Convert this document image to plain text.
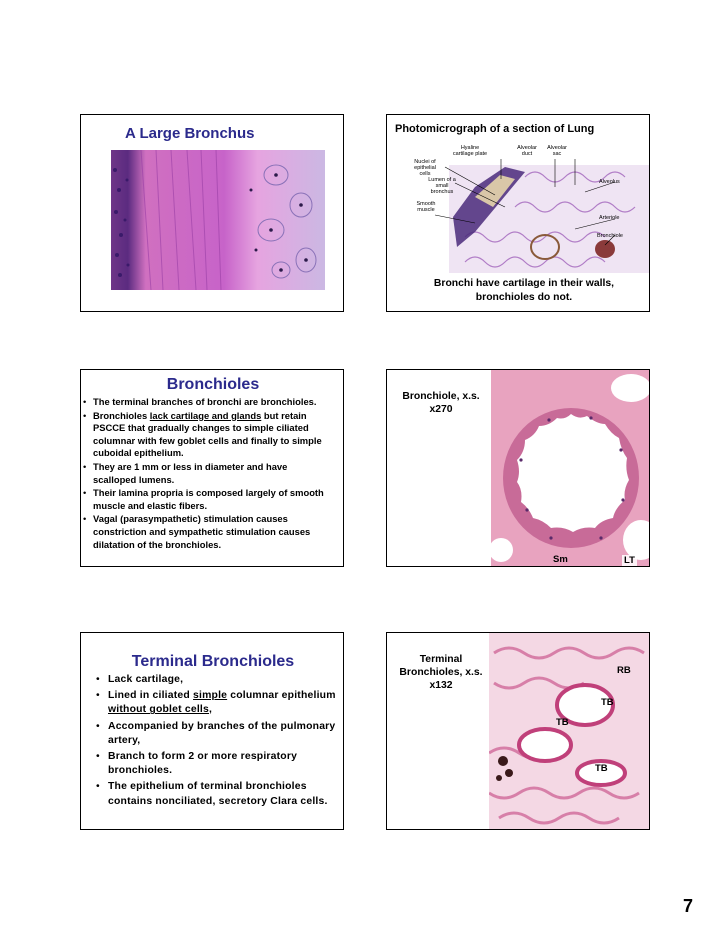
A Large Bronchus	Photomicrograph of a section of Lung
Hyaline cartilage plate
Alveolar duct
Alveolar sac
Nuclei of epithelial cells
Lumen of a small bronchus
Alveolus
Smooth muscle
Arteriole
Bronchiole
Bronchi have cartilage in their walls,
bronchioles do not.
Bronchioles
• The terminal branches of bronchi are bronchioles.
• Bronchioles lack cartilage and glands but retain PSCCE that gradually changes to simple ciliated columnar with few goblet cells and finally to simple cuboidal epithelium.
• They are 1 mm or less in diameter and have scalloped lumens.
• Their lamina propria is composed largely of smooth muscle and elastic fibers.
• Vagal (parasympathetic) stimulation causes constriction and sympathetic stimulation causes dilatation of the bronchioles.
Bronchiole, x.s.
x270
Sm	LT
Terminal Bronchioles
• Lack cartilage,
• Lined in ciliated simple columnar epithelium without goblet cells,
• Accompanied by branches of the pulmonary artery,
• Branch to form 2 or more respiratory bronchioles.
• The epithelium of terminal bronchioles contains nonciliated, secretory Clara cells.
Terminal
Bronchioles, x.s.
x132
RB
TB
TB
TB
7
